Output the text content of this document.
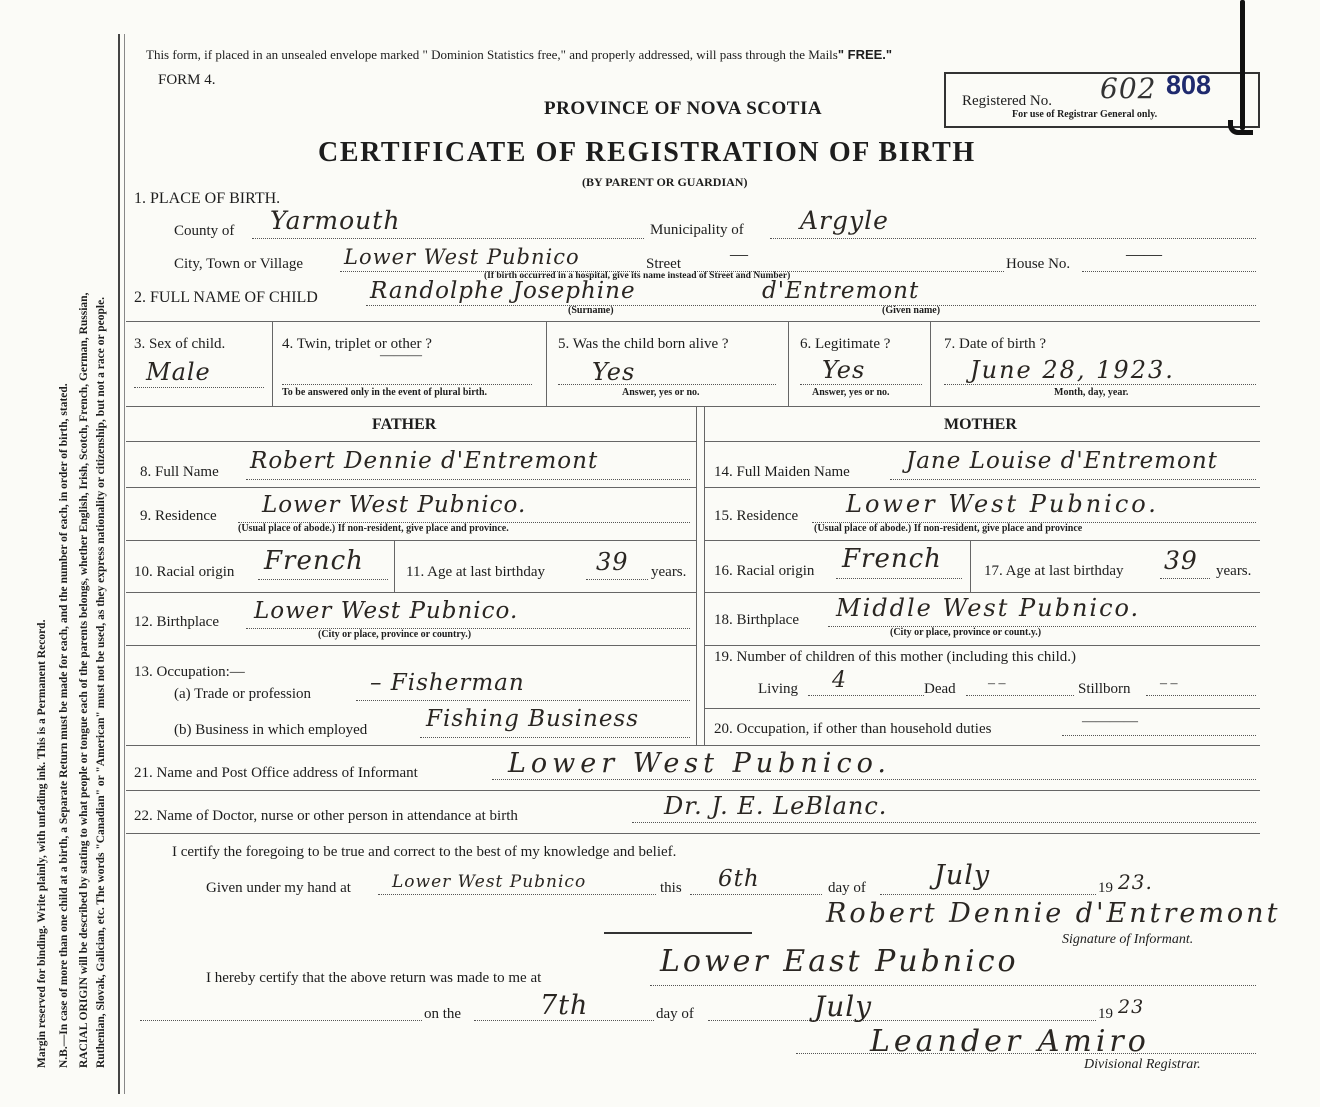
Margin reserved for binding. Write plainly, with unfading ink. This is a Permanent Record. N.B.—In case of more than one child at a birth, a Separate Return must be made for each, and the number of each, in order of birth, stated. RACIAL ORIGIN will be described by stating to what people or tongue each of the parents belongs, whether English, Irish, Scotch, French, German, Russian, Ruthenian, Slovak, Galician, etc. The words "Canadian" or "American" must not be used, as they express nationality or citizenship, but not a race or people.
This form, if placed in an unsealed envelope marked " Dominion Statistics free," and properly addressed, will pass through the Mails" FREE."
FORM 4.
PROVINCE OF NOVA SCOTIA
CERTIFICATE OF REGISTRATION OF BIRTH
(BY PARENT OR GUARDIAN)
Registered No. 602 808
For use of Registrar General only.
1. PLACE OF BIRTH.
County of Yarmouth	Municipality of Argyle
City, Town or Village Lower West Pubnico	Street	—	House No.	——
(If birth occurred in a hospital, give its name instead of Street and Number)
2. FULL NAME OF CHILD Randolphe Josephine	d'Entremont
(Surname)	(Given name)
3. Sex of child.
Male
4. Twin, triplet or other ?
———
To be answered only in the event of plural birth.
5. Was the child born alive ?
Yes
Answer, yes or no.
6. Legitimate ?
Yes
Answer, yes or no.
7. Date of birth ?
June 28, 1923.
Month, day, year.
FATHER	MOTHER
8. Full Name Robert Dennie d'Entremont
9. Residence Lower West Pubnico.
(Usual place of abode.) If non-resident, give place and province.
10. Racial origin French	11. Age at last birthday 39 years.
12. Birthplace Lower West Pubnico.
(City or place, province or country.)
13. Occupation:—
(a) Trade or profession	– Fisherman
(b) Business in which employed	Fishing Business
14. Full Maiden Name Jane Louise d'Entremont
15. Residence Lower West Pubnico.
(Usual place of abode.) If non-resident, give place and province
16. Racial origin French	17. Age at last birthday 39 years.
18. Birthplace Middle West Pubnico.
(City or place, province or count.y.)
19. Number of children of this mother (including this child.)
Living 4	Dead – –	Stillborn – –
20. Occupation, if other than household duties	————
21. Name and Post Office address of Informant	Lower West Pubnico.
22. Name of Doctor, nurse or other person in attendance at birth	Dr. J. E. LeBlanc.
I certify the foregoing to be true and correct to the best of my knowledge and belief.
Given under my hand at Lower West Pubnico	this 6th	day of	July	19 23.
Robert Dennie d'Entremont
Signature of Informant.
I hereby certify that the above return was made to me at	Lower East Pubnico
on the	7th	day of	July	19 23
Leander Amiro
Divisional Registrar.
